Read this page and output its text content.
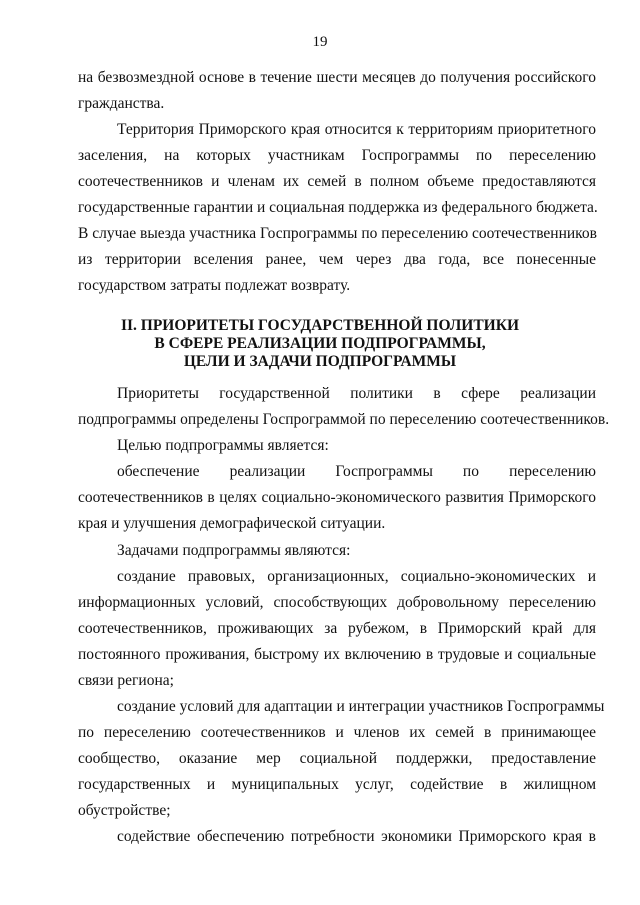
19
на безвозмездной основе в течение шести месяцев до получения российского
гражданства.
Территория Приморского края относится к территориям приоритетного
заселения, на которых участникам Госпрограммы по переселению
соотечественников и членам их семей в полном объеме предоставляются
государственные гарантии и социальная поддержка из федерального бюджета.
В случае выезда участника Госпрограммы по переселению соотечественников
из территории вселения ранее, чем через два года, все понесенные
государством затраты подлежат возврату.
II. ПРИОРИТЕТЫ ГОСУДАРСТВЕННОЙ ПОЛИТИКИ
В СФЕРЕ РЕАЛИЗАЦИИ ПОДПРОГРАММЫ,
ЦЕЛИ И ЗАДАЧИ ПОДПРОГРАММЫ
Приоритеты государственной политики в сфере реализации
подпрограммы определены Госпрограммой по переселению соотечественников.
Целью подпрограммы является:
обеспечение реализации Госпрограммы по переселению
соотечественников в целях социально-экономического развития Приморского
края и улучшения демографической ситуации.
Задачами подпрограммы являются:
создание правовых, организационных, социально-экономических и
информационных условий, способствующих добровольному переселению
соотечественников, проживающих за рубежом, в Приморский край для
постоянного проживания, быстрому их включению в трудовые и социальные
связи региона;
создание условий для адаптации и интеграции участников Госпрограммы
по переселению соотечественников и членов их семей в принимающее
сообщество, оказание мер социальной поддержки, предоставление
государственных и муниципальных услуг, содействие в жилищном
обустройстве;
содействие обеспечению потребности экономики Приморского края в
